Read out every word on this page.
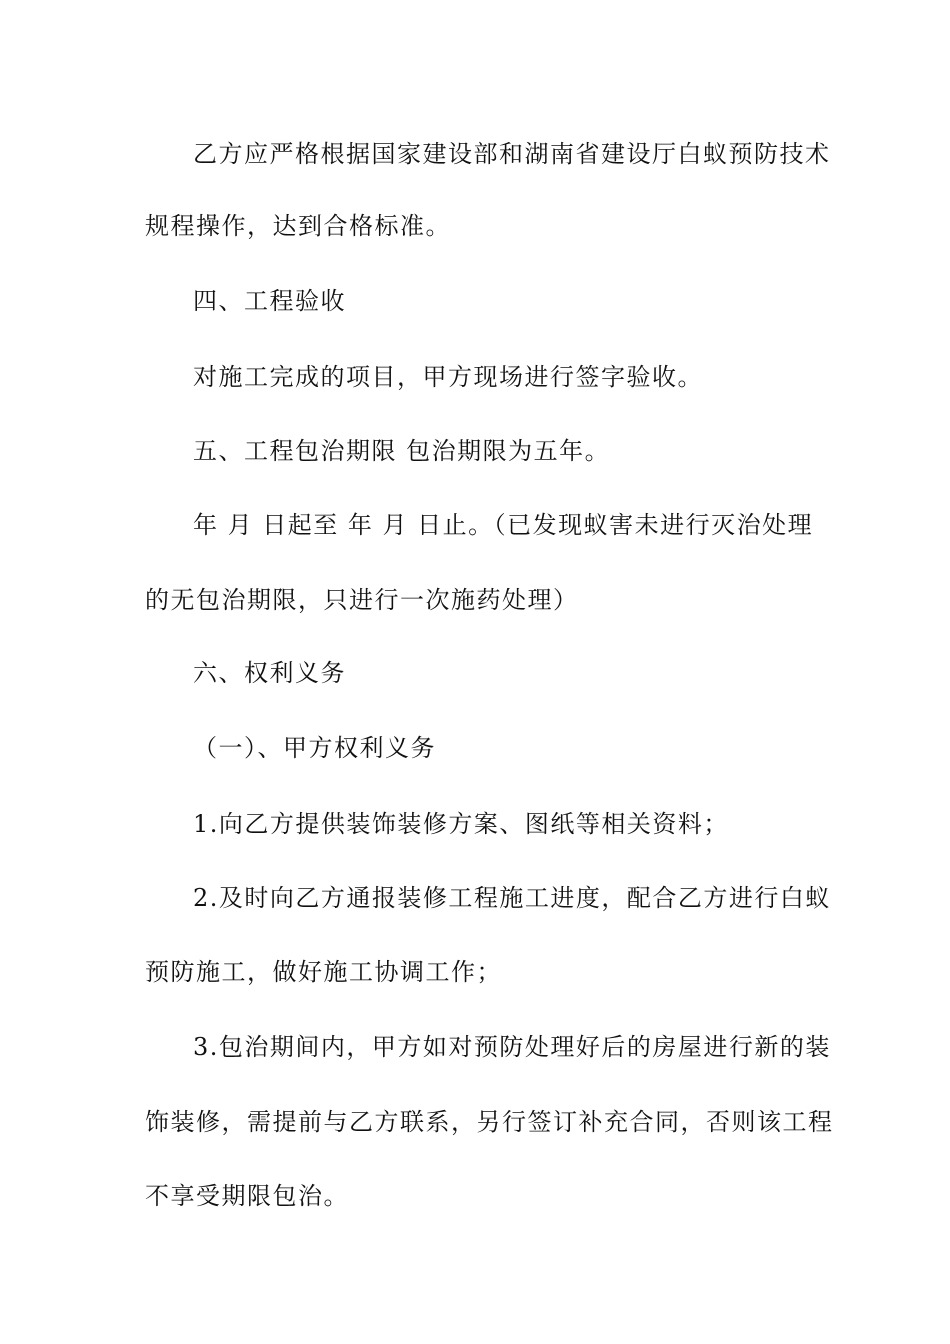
乙方应严格根据国家建设部和湖南省建设厅白蚁预防技术
规程操作，达到合格标准。
四、工程验收
对施工完成的项目，甲方现场进行签字验收。
五、工程包治期限 包治期限为五年。
年 月 日起至 年 月 日止。（已发现蚁害未进行灭治处理
的无包治期限，只进行一次施药处理）
六、权利义务
（一）、甲方权利义务
1.向乙方提供装饰装修方案、图纸等相关资料；
2.及时向乙方通报装修工程施工进度，配合乙方进行白蚁
预防施工，做好施工协调工作；
3.包治期间内，甲方如对预防处理好后的房屋进行新的装
饰装修，需提前与乙方联系，另行签订补充合同，否则该工程
不享受期限包治。
